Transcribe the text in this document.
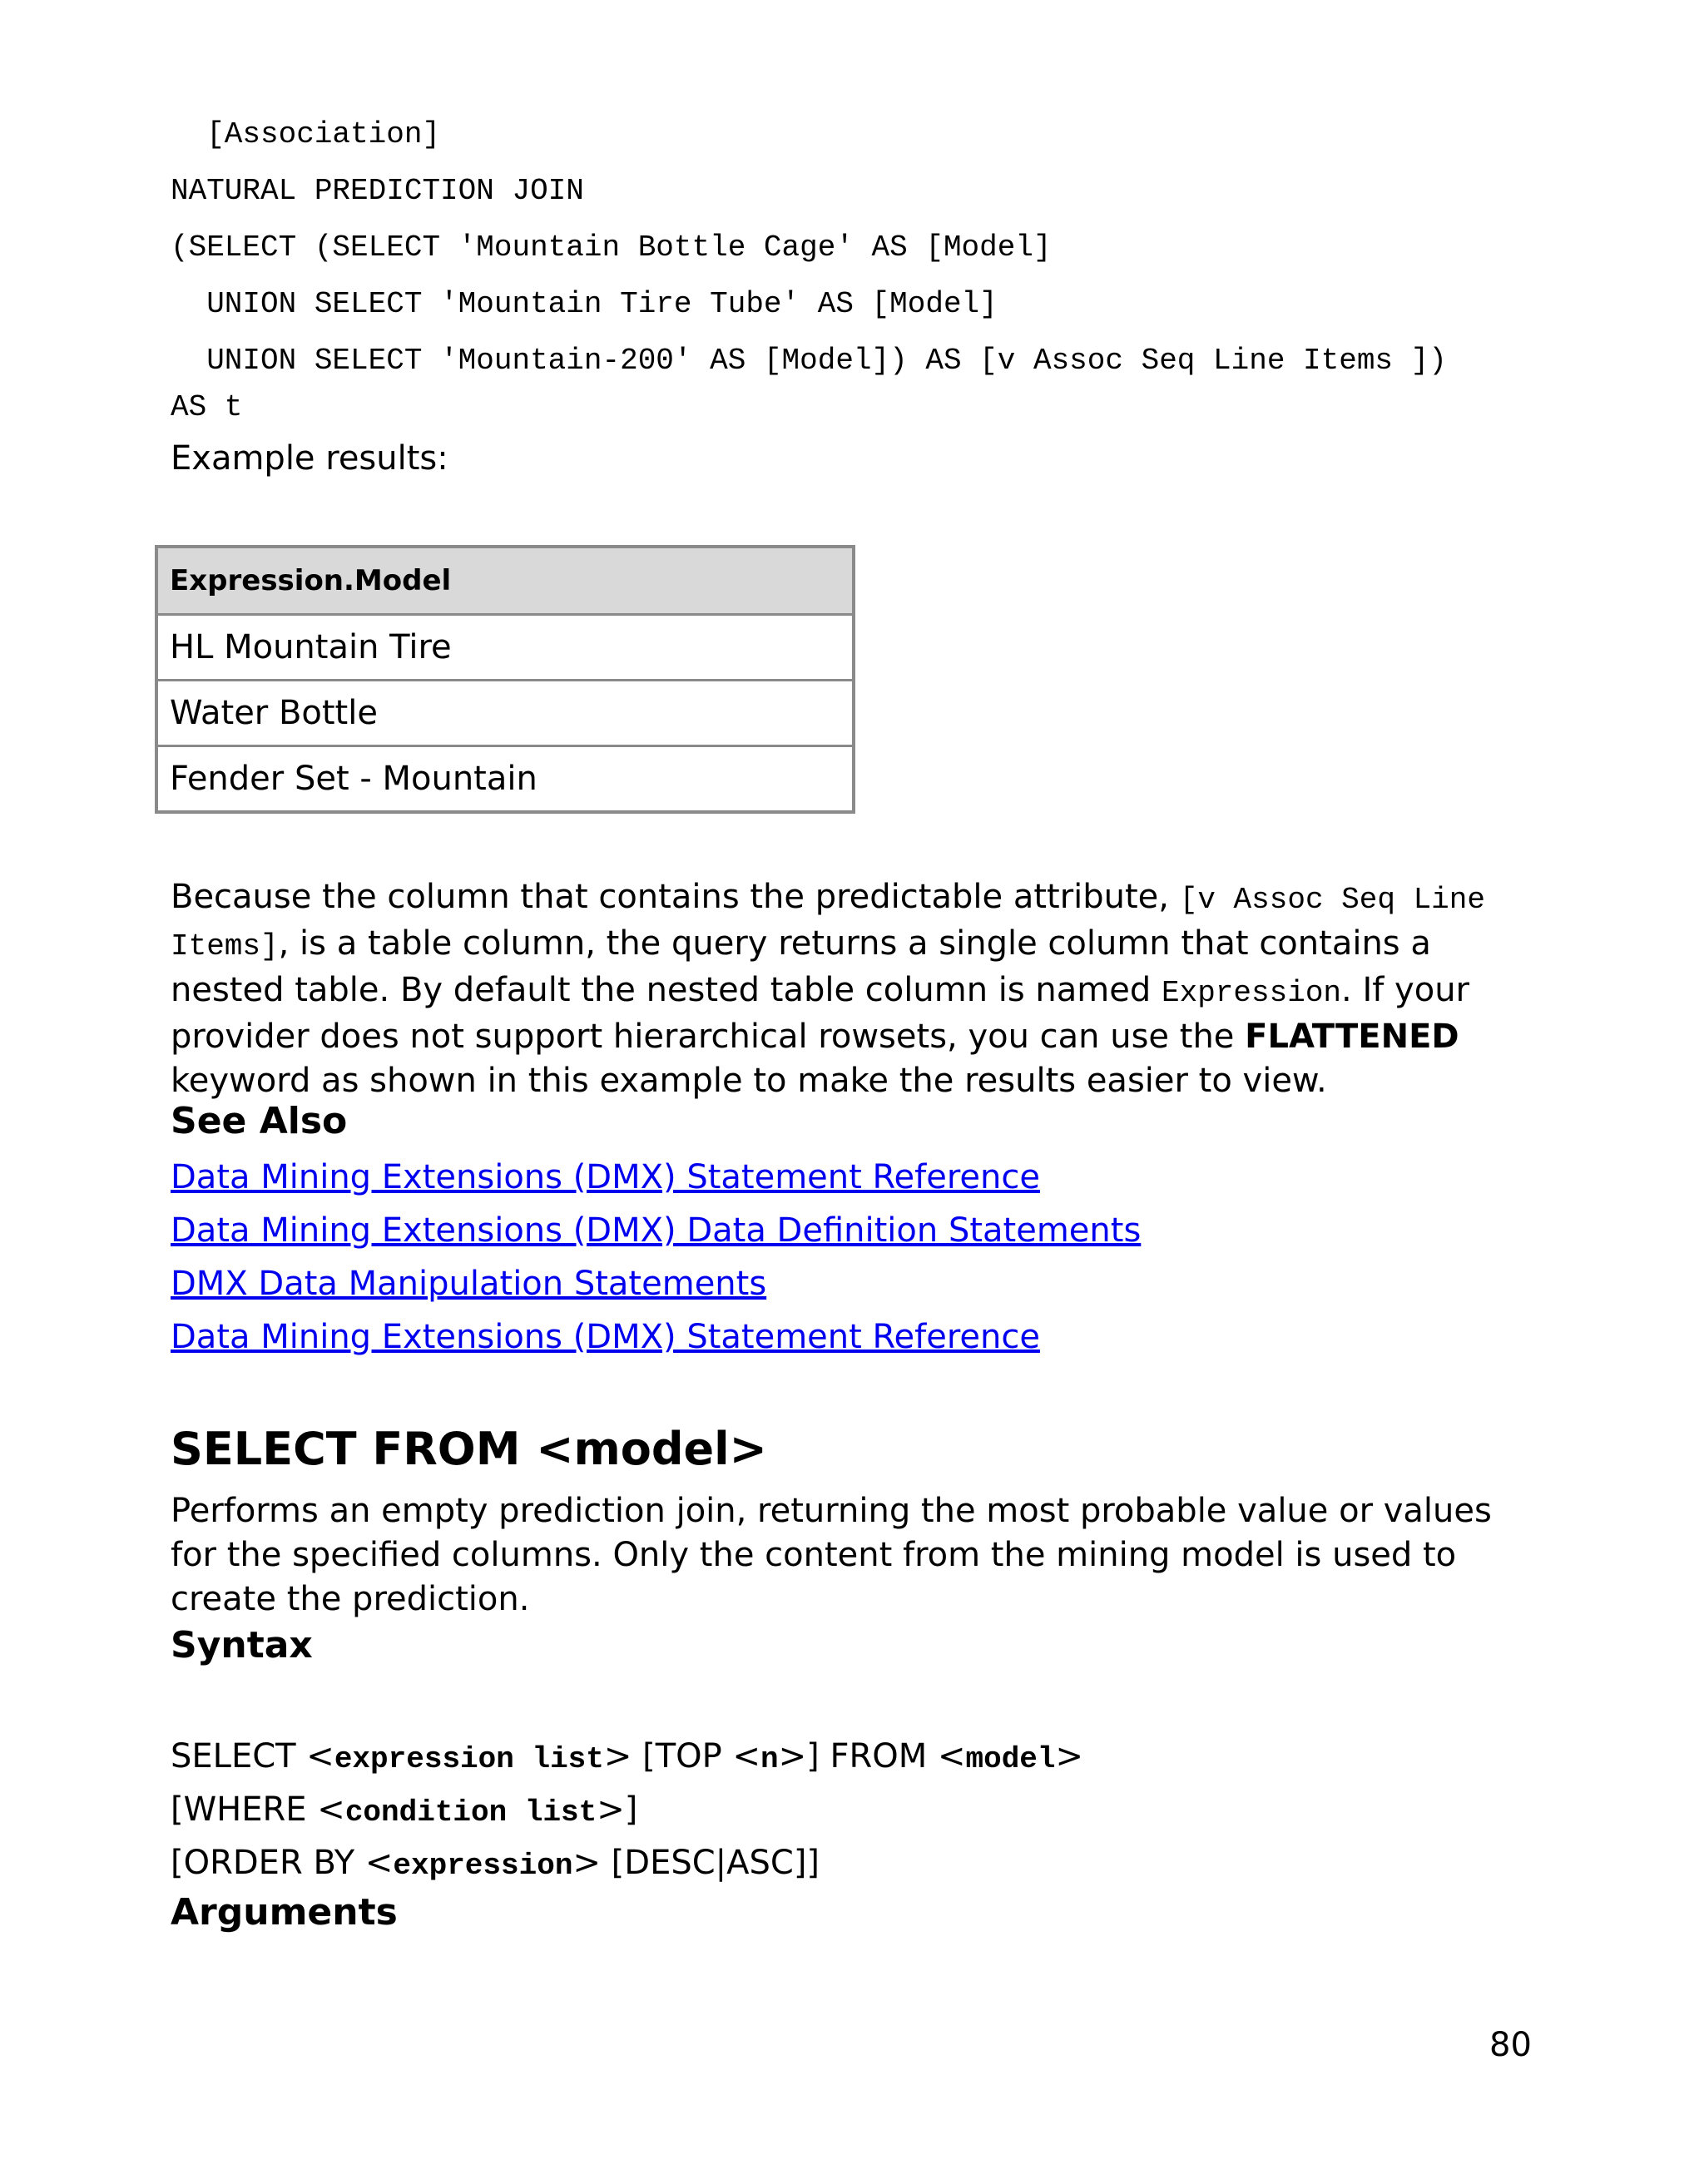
[Association]
NATURAL PREDICTION JOIN
(SELECT (SELECT 'Mountain Bottle Cage' AS [Model]
UNION SELECT 'Mountain Tire Tube' AS [Model]
UNION SELECT 'Mountain-200' AS [Model]) AS [v Assoc Seq Line Items ])
AS t
Example results:
Expression.Model
HL Mountain Tire
Water Bottle
Fender Set - Mountain
Because the column that contains the predictable attribute, [v Assoc Seq Line Items], is a table column, the query returns a single column that contains a nested table. By default the nested table column is named Expression. If your provider does not support hierarchical rowsets, you can use the FLATTENED keyword as shown in this example to make the results easier to view.
See Also
Data Mining Extensions (DMX) Statement Reference
Data Mining Extensions (DMX) Data Definition Statements
DMX Data Manipulation Statements
Data Mining Extensions (DMX) Statement Reference
SELECT FROM <model>
Performs an empty prediction join, returning the most probable value or values for the specified columns. Only the content from the mining model is used to create the prediction.
Syntax
SELECT <expression list> [TOP <n>] FROM <model>
[WHERE <condition list>]
[ORDER BY <expression> [DESC|ASC]]
Arguments
80
